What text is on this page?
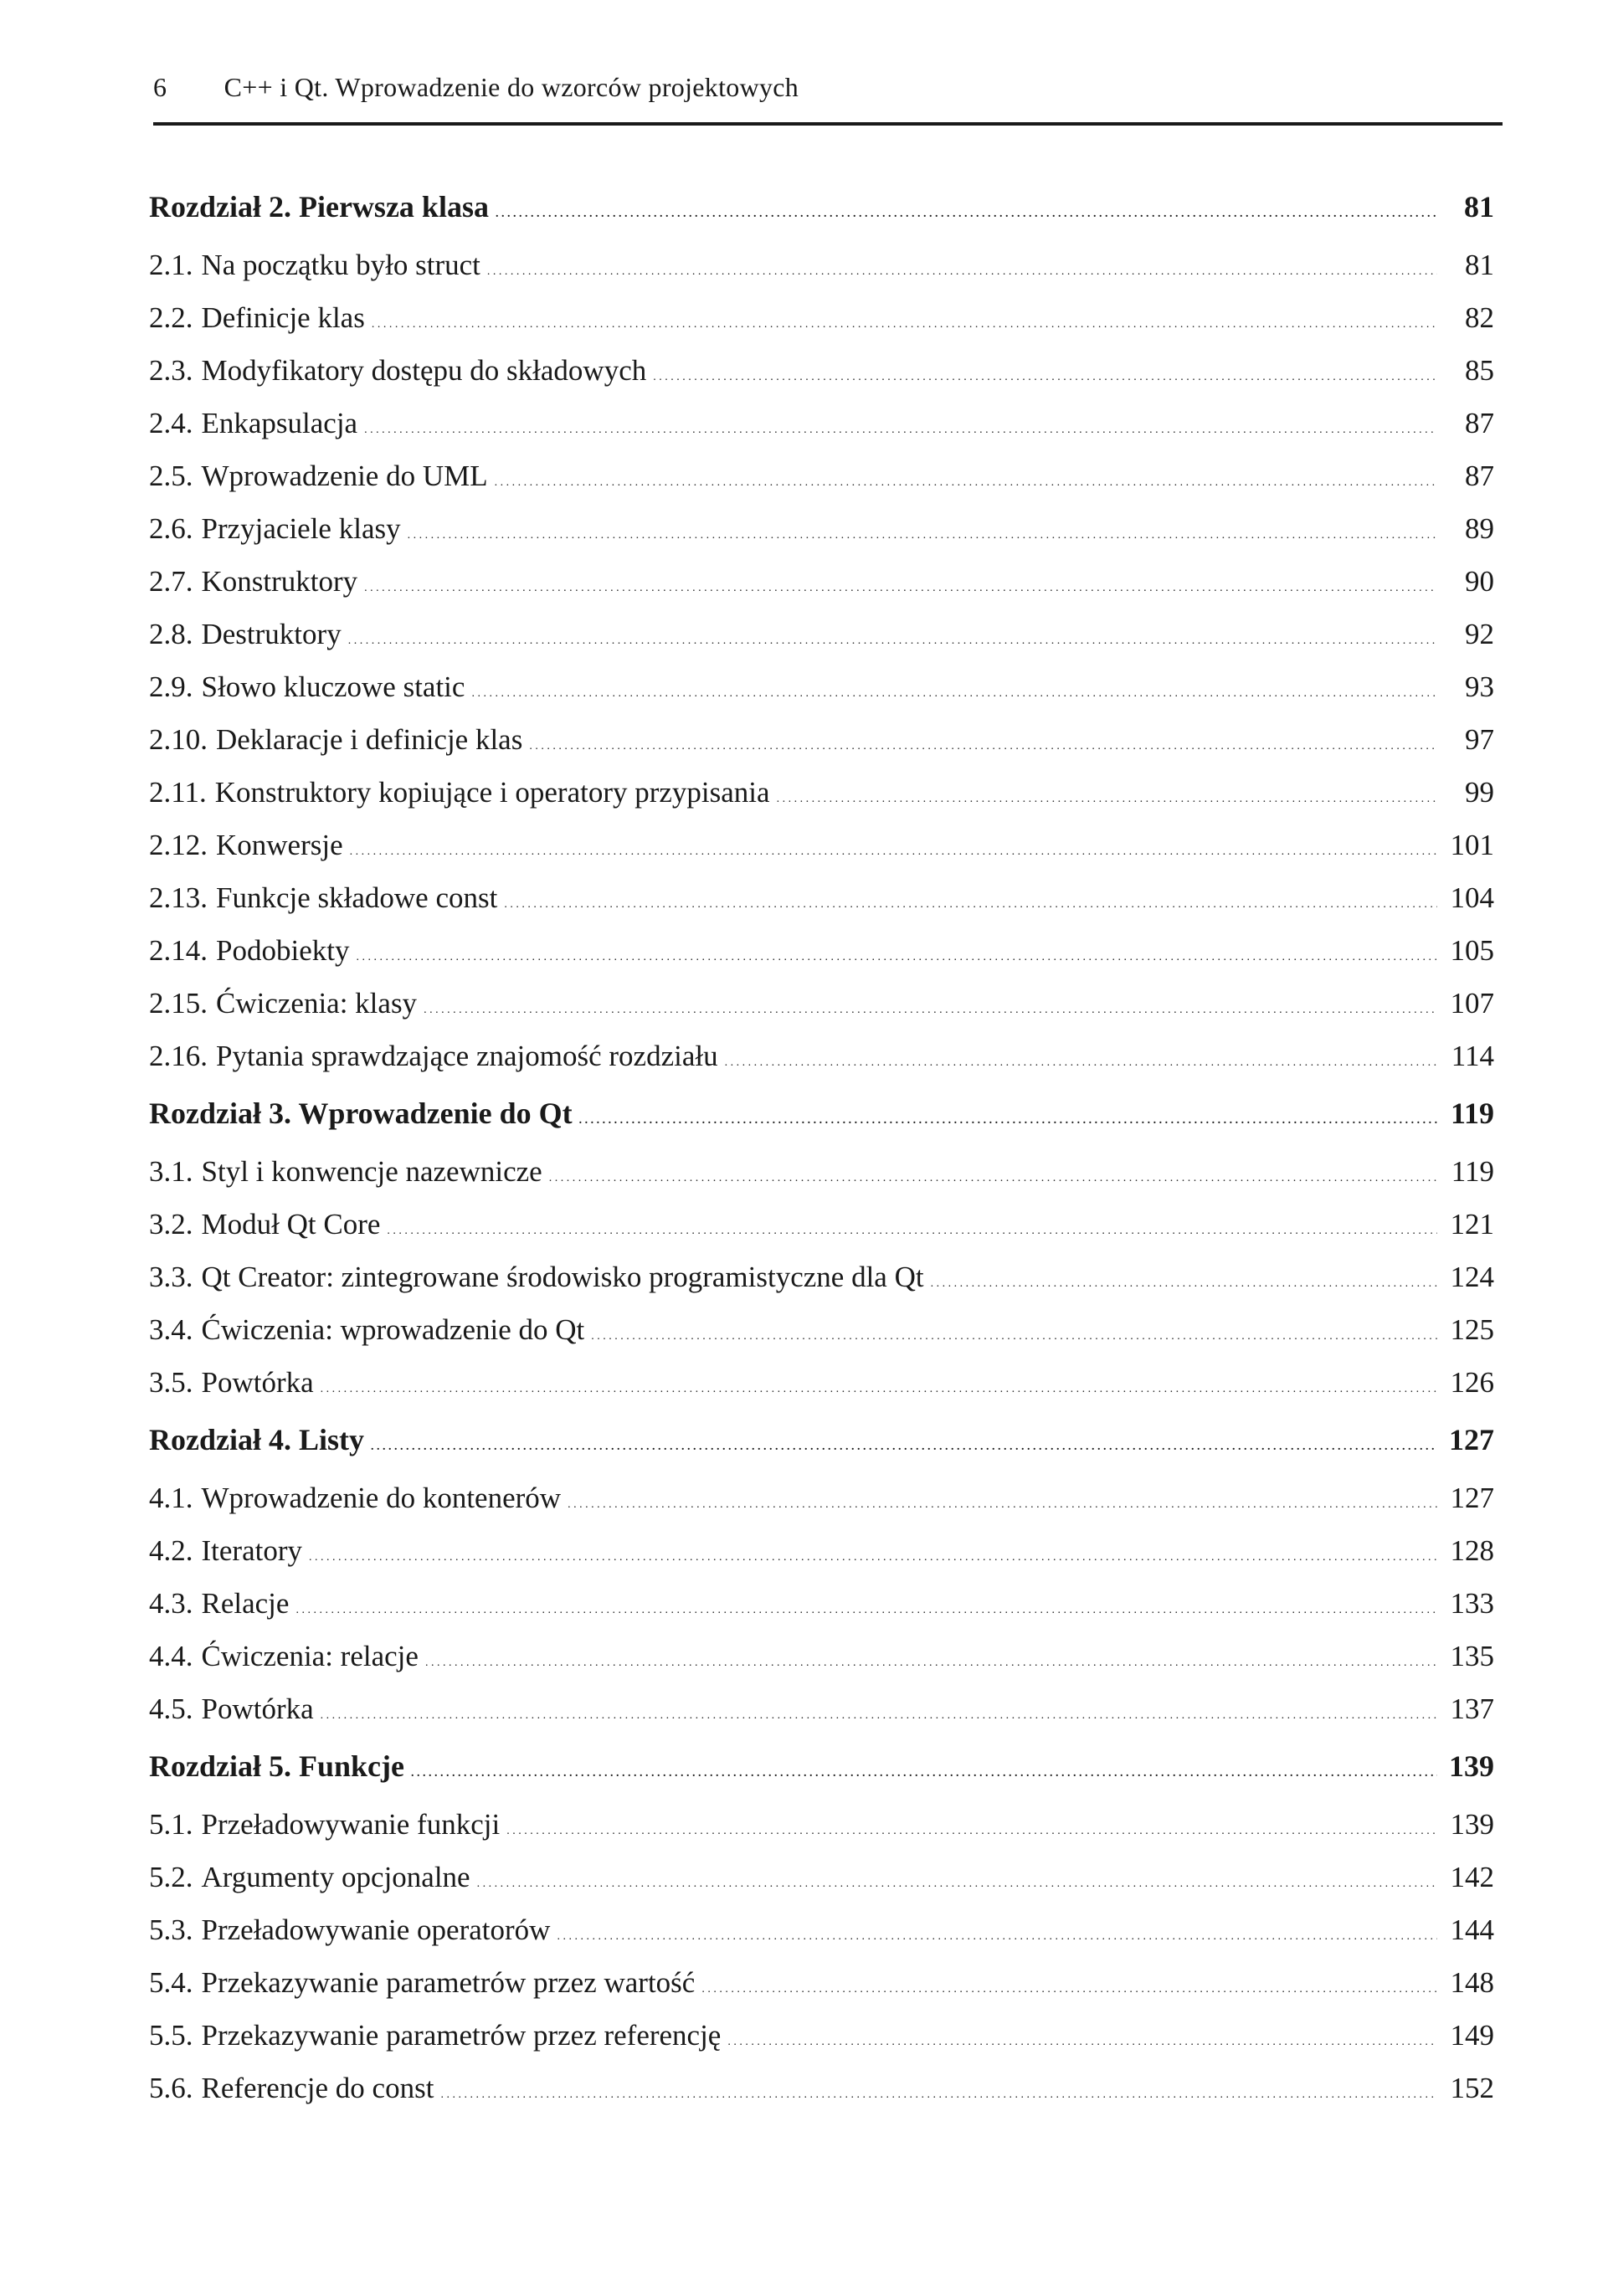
6 C++ i Qt. Wprowadzenie do wzorców projektowych
Rozdział 2. Pierwsza klasa . . .	81
2.1. Na początku było struct . . .	81
2.2. Definicje klas . . .	82
2.3. Modyfikatory dostępu do składowych . . .	85
2.4. Enkapsulacja . . .	87
2.5. Wprowadzenie do UML . . .	87
2.6. Przyjaciele klasy . . .	89
2.7. Konstruktory . . .	90
2.8. Destruktory . . .	92
2.9. Słowo kluczowe static . . .	93
2.10. Deklaracje i definicje klas . . .	97
2.11. Konstruktory kopiujące i operatory przypisania . . .	99
2.12. Konwersje . . .	101
2.13. Funkcje składowe const . . .	104
2.14. Podobiekty . . .	105
2.15. Ćwiczenia: klasy . . .	107
2.16. Pytania sprawdzające znajomość rozdziału . . .	114
Rozdział 3. Wprowadzenie do Qt . . .	119
3.1. Styl i konwencje nazewnicze . . .	119
3.2. Moduł Qt Core . . .	121
3.3. Qt Creator: zintegrowane środowisko programistyczne dla Qt . . .	124
3.4. Ćwiczenia: wprowadzenie do Qt . . .	125
3.5. Powtórka . . .	126
Rozdział 4. Listy . . .	127
4.1. Wprowadzenie do kontenerów . . .	127
4.2. Iteratory . . .	128
4.3. Relacje . . .	133
4.4. Ćwiczenia: relacje . . .	135
4.5. Powtórka . . .	137
Rozdział 5. Funkcje . . .	139
5.1. Przeładowywanie funkcji . . .	139
5.2. Argumenty opcjonalne . . .	142
5.3. Przeładowywanie operatorów . . .	144
5.4. Przekazywanie parametrów przez wartość . . .	148
5.5. Przekazywanie parametrów przez referencję . . .	149
5.6. Referencje do const . . .	152
